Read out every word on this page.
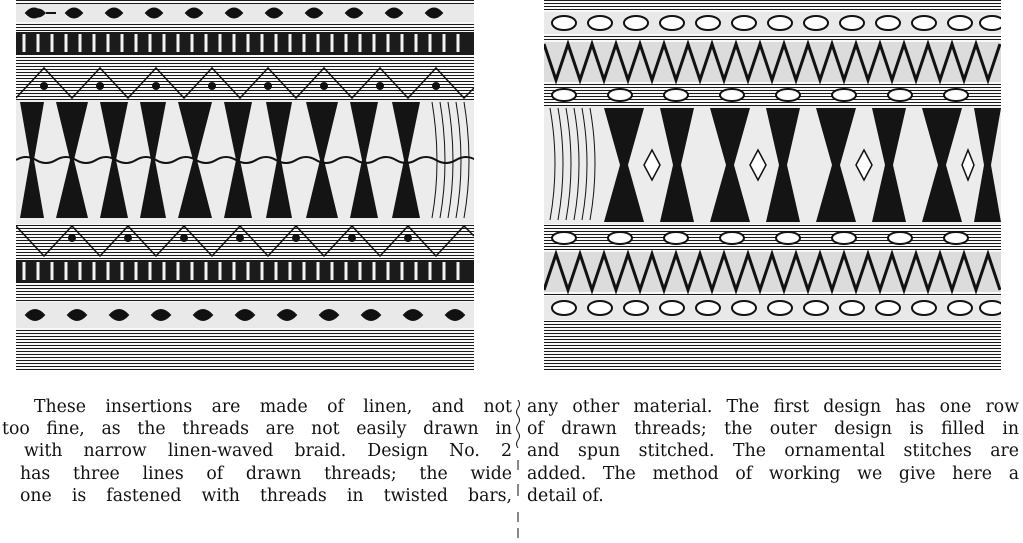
These insertions are made of linen, and not
too fine, as the threads are not easily drawn in
with narrow linen-waved braid. Design No. 2
has three lines of drawn threads; the wide
one is fastened with threads in twisted bars,
any other material. The first design has one row
of drawn threads; the outer design is filled in
and spun stitched. The ornamental stitches are
added. The method of working we give here a
detail of.
